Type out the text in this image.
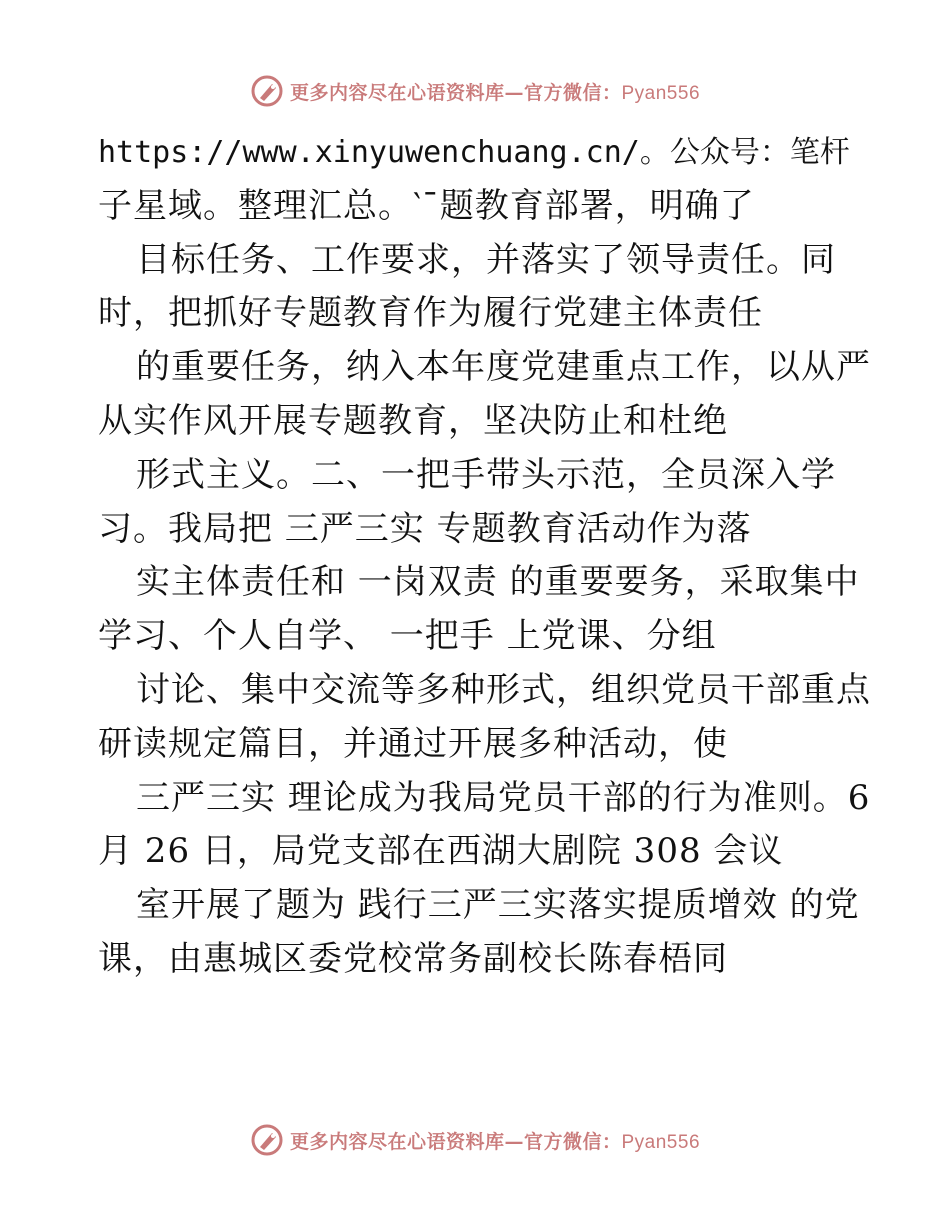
更多内容尽在心语资料库—官方微信：Pyan556
https://www.xinyuwenchuang.cn/。公众号：笔杆
子星域。整理汇总。‵¯题教育部署，明确了
目标任务、工作要求，并落实了领导责任。同
时，把抓好专题教育作为履行党建主体责任
的重要任务，纳入本年度党建重点工作，以从严
从实作风开展专题教育，坚决防止和杜绝
形式主义。二、一把手带头示范，全员深入学
习。我局把 三严三实 专题教育活动作为落
实主体责任和 一岗双责 的重要要务，采取集中
学习、个人自学、 一把手 上党课、分组
讨论、集中交流等多种形式，组织党员干部重点
研读规定篇目，并通过开展多种活动，使
三严三实 理论成为我局党员干部的行为准则。6
月 26 日，局党支部在西湖大剧院 308 会议
室开展了题为 践行三严三实落实提质增效 的党
课，由惠城区委党校常务副校长陈春梧同
更多内容尽在心语资料库—官方微信：Pyan556
